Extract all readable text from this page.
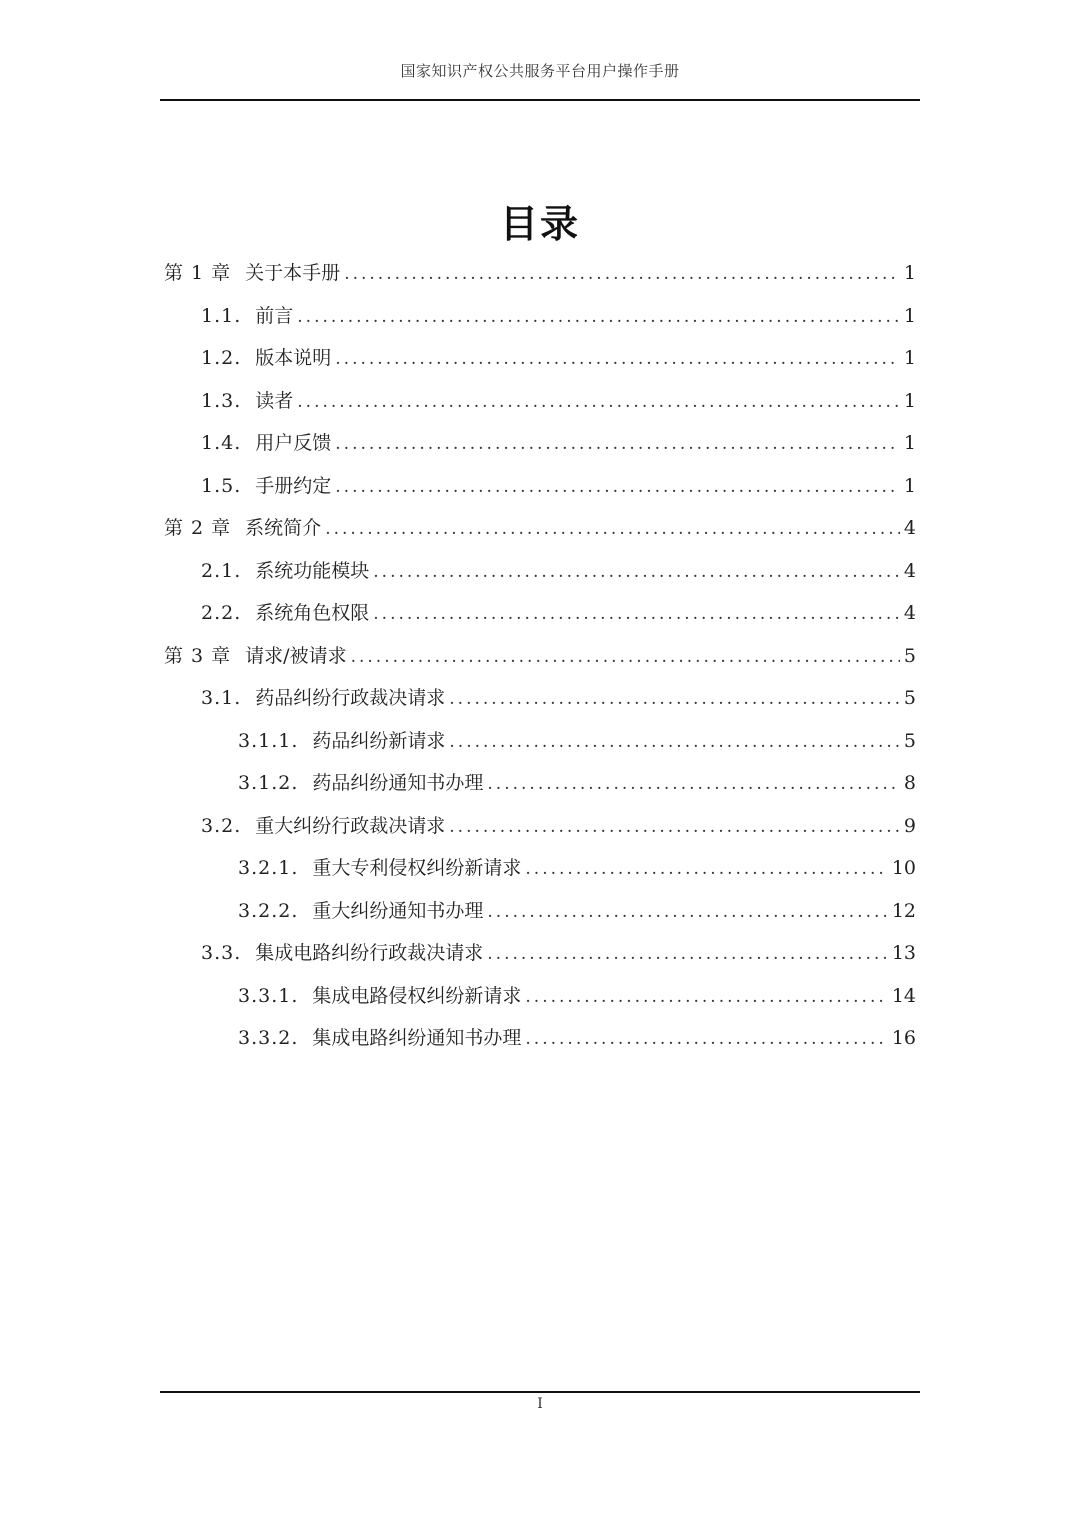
国家知识产权公共服务平台用户操作手册
目录
第 1 章 关于本手册 .....	1
1.1. 前言 .....	1
1.2. 版本说明 .....	1
1.3. 读者 .....	1
1.4. 用户反馈 .....	1
1.5. 手册约定 .....	1
第 2 章 系统简介 .....	4
2.1. 系统功能模块 .....	4
2.2. 系统角色权限 .....	4
第 3 章 请求/被请求 .....	5
3.1. 药品纠纷行政裁决请求 .....	5
3.1.1. 药品纠纷新请求 .....	5
3.1.2. 药品纠纷通知书办理 .....	8
3.2. 重大纠纷行政裁决请求 .....	9
3.2.1. 重大专利侵权纠纷新请求 .....	10
3.2.2. 重大纠纷通知书办理 .....	12
3.3. 集成电路纠纷行政裁决请求 .....	13
3.3.1. 集成电路侵权纠纷新请求 .....	14
3.3.2. 集成电路纠纷通知书办理 .....	16
I
